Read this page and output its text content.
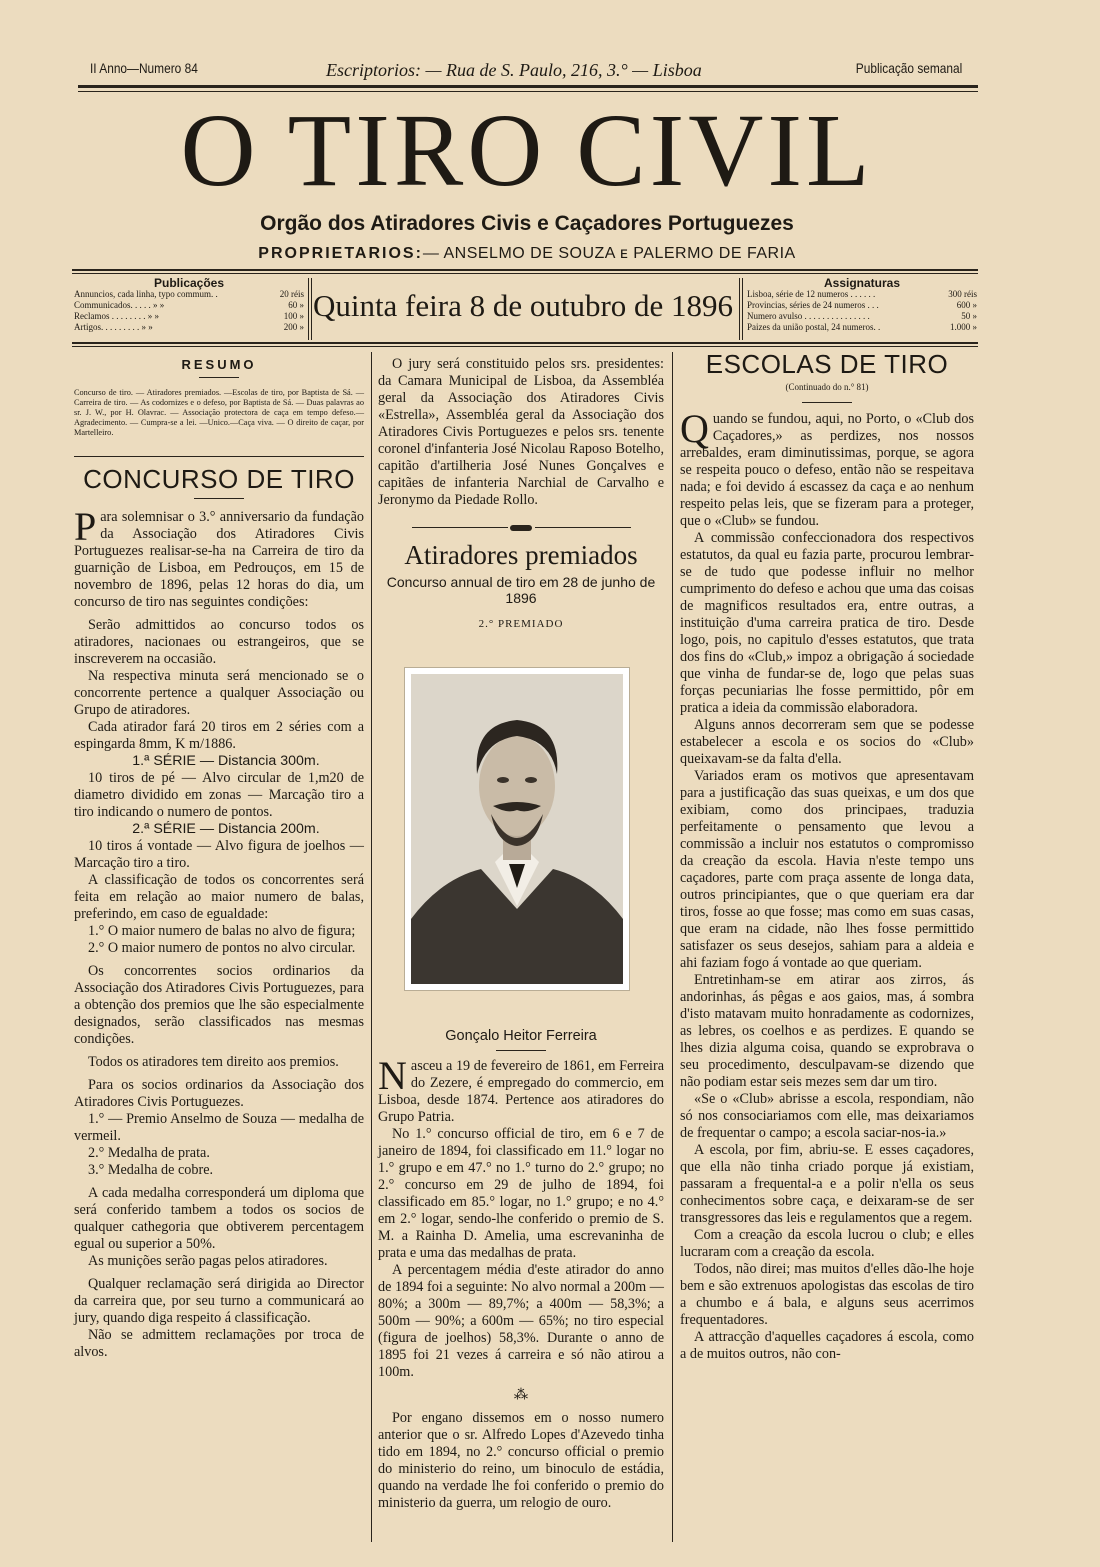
II Anno—Numero 84	Escriptorios: — Rua de S. Paulo, 216, 3.° — Lisboa	Publicação semanal
O TIRO CIVIL
Orgão dos Atiradores Civis e Caçadores Portuguezes
PROPRIETARIOS:— ANSELMO DE SOUZA ᴇ PALERMO DE FARIA
Publicações
Annuncios, cada linha, typo commum. .	20 réis
Communicados. . . . . » »	60 »
Reclamos . . . . . . . . » »	100 »
Artigos. . . . . . . . . » »	200 »
Quinta feira 8 de outubro de 1896
Assignaturas
Lisboa, série de 12 numeros . . . . . .	300 réis
Provincias, séries de 24 numeros . . .	600 »
Numero avulso . . . . . . . . . . . . . . .	50 »
Paizes da união postal, 24 numeros. .	1.000 »
RESUMO

Concurso de tiro. — Atiradores premiados. —Escolas de tiro, por Baptista de Sá. — Carreira de tiro. — As codornizes e o defeso, por Baptista de Sá. — Duas palavras ao sr. J. W., por H. Olavrac. — Associação protectora de caça em tempo defeso.— Agradecimento. — Cumpra-se a lei. —Unico.—Caça viva. — O direito de caçar, por Martelleiro.

CONCURSO DE TIRO

Para solemnisar o 3.° anniversario da fundação da Associação dos Atiradores Civis Portuguezes realisar-se-ha na Carreira de tiro da guarnição de Lisboa, em Pedrouços, em 15 de novembro de 1896, pelas 12 horas do dia, um concurso de tiro nas seguintes condições:

Serão admittidos ao concurso todos os atiradores, nacionaes ou estrangeiros, que se inscreverem na occasião.

Na respectiva minuta será mencionado se o concorrente pertence a qualquer Associação ou Grupo de atiradores.

Cada atirador fará 20 tiros em 2 séries com a espingarda 8mm, K m/1886.

1.ª SÉRIE — Distancia 300m.

10 tiros de pé — Alvo circular de 1,m20 de diametro dividido em zonas — Marcação tiro a tiro indicando o numero de pontos.

2.ª SÉRIE — Distancia 200m.

10 tiros á vontade — Alvo figura de joelhos — Marcação tiro a tiro.

A classificação de todos os concorrentes será feita em relação ao maior numero de balas, preferindo, em caso de egualdade:

1.° O maior numero de balas no alvo de figura;

2.° O maior numero de pontos no alvo circular.

Os concorrentes socios ordinarios da Associação dos Atiradores Civis Portuguezes, para a obtenção dos premios que lhe são especialmente designados, serão classificados nas mesmas condições.

Todos os atiradores tem direito aos premios.

Para os socios ordinarios da Associação dos Atiradores Civis Portuguezes.

1.° — Premio Anselmo de Souza — medalha de vermeil.

2.° Medalha de prata.

3.° Medalha de cobre.

A cada medalha corresponderá um diploma que será conferido tambem a todos os socios de qualquer cathegoria que obtiverem percentagem egual ou superior a 50%.

As munições serão pagas pelos atiradores.

Qualquer reclamação será dirigida ao Director da carreira que, por seu turno a communicará ao jury, quando diga respeito á classificação.

Não se admittem reclamações por troca de alvos.

O jury será constituido pelos srs. presidentes: da Camara Municipal de Lisboa, da Assembléa geral da Associação dos Atiradores Civis «Estrella», Assembléa geral da Associação dos Atiradores Civis Portuguezes e pelos srs. tenente coronel d'infanteria José Nicolau Raposo Botelho, capitão d'artilheria José Nunes Gonçalves e capitães de infanteria Narchial de Carvalho e Jeronymo da Piedade Rollo.

Atiradores premiados
Concurso annual de tiro em 28 de junho de 1896
2.° PREMIADO
Gonçalo Heitor Ferreira

Nasceu a 19 de fevereiro de 1861, em Ferreira do Zezere, é empregado do commercio, em Lisboa, desde 1874. Pertence aos atiradores do Grupo Patria.

No 1.° concurso official de tiro, em 6 e 7 de janeiro de 1894, foi classificado em 11.° logar no 1.° grupo e em 47.° no 1.° turno do 2.° grupo; no 2.° concurso em 29 de julho de 1894, foi classificado em 85.° logar, no 1.° grupo; e no 4.° em 2.° logar, sendo-lhe conferido o premio de S. M. a Rainha D. Amelia, uma escrevaninha de prata e uma das medalhas de prata.

A percentagem média d'este atirador do anno de 1894 foi a seguinte: No alvo normal a 200m — 80%; a 300m — 89,7%; a 400m — 58,3%; a 500m — 90%; a 600m — 65%; no tiro especial (figura de joelhos) 58,3%. Durante o anno de 1895 foi 21 vezes á carreira e só não atirou a 100m.

⁂

Por engano dissemos em o nosso numero anterior que o sr. Alfredo Lopes d'Azevedo tinha tido em 1894, no 2.° concurso official o premio do ministerio do reino, um binoculo de estádia, quando na verdade lhe foi conferido o premio do ministerio da guerra, um relogio de ouro.

ESCOLAS DE TIRO
(Continuado do n.° 81)

Quando se fundou, aqui, no Porto, o «Club dos Caçadores,» as perdizes, nos nossos arrebaldes, eram diminutissimas, porque, se agora se respeita pouco o defeso, então não se respeitava nada; e foi devido á escassez da caça e ao nenhum respeito pelas leis, que se fizeram para a proteger, que o «Club» se fundou.

A commissão confeccionadora dos respectivos estatutos, da qual eu fazia parte, procurou lembrar-se de tudo que podesse influir no melhor cumprimento do defeso e achou que uma das coisas de magnificos resultados era, entre outras, a instituição d'uma carreira pratica de tiro. Desde logo, pois, no capitulo d'esses estatutos, que trata dos fins do «Club,» impoz a obrigação á sociedade que vinha de fundar-se de, logo que pelas suas forças pecuniarias lhe fosse permittido, pôr em pratica a ideia da commissão elaboradora.

Alguns annos decorreram sem que se podesse estabelecer a escola e os socios do «Club» queixavam-se da falta d'ella.

Variados eram os motivos que apresentavam para a justificação das suas queixas, e um dos que exibiam, como dos principaes, traduzia perfeitamente o pensamento que levou a commissão a incluir nos estatutos o compromisso da creação da escola. Havia n'este tempo uns caçadores, parte com praça assente de longa data, outros principiantes, que o que queriam era dar tiros, fosse ao que fosse; mas como em suas casas, que eram na cidade, não lhes fosse permittido satisfazer os seus desejos, sahiam para a aldeia e ahi faziam fogo á vontade ao que queriam.

Entretinham-se em atirar aos zirros, ás andorinhas, ás pêgas e aos gaios, mas, á sombra d'isto matavam muito honradamente as codornizes, as lebres, os coelhos e as perdizes. E quando se lhes dizia alguma coisa, quando se exprobrava o seu procedimento, desculpavam-se dizendo que não podiam estar seis mezes sem dar um tiro.

«Se o «Club» abrisse a escola, respondiam, não só nos consociariamos com elle, mas deixariamos de frequentar o campo; a escola saciar-nos-ia.»

A escola, por fim, abriu-se. E esses caçadores, que ella não tinha criado porque já existiam, passaram a frequental-a e a polir n'ella os seus conhecimentos sobre caça, e deixaram-se de ser transgressores das leis e regulamentos que a regem.

Com a creação da escola lucrou o club; e elles lucraram com a creação da escola.

Todos, não direi; mas muitos d'elles dão-lhe hoje bem e são extrenuos apologistas das escolas de tiro a chumbo e á bala, e alguns seus acerrimos frequentadores.

A attracção d'aquelles caçadores á escola, como a de muitos outros, não con-
